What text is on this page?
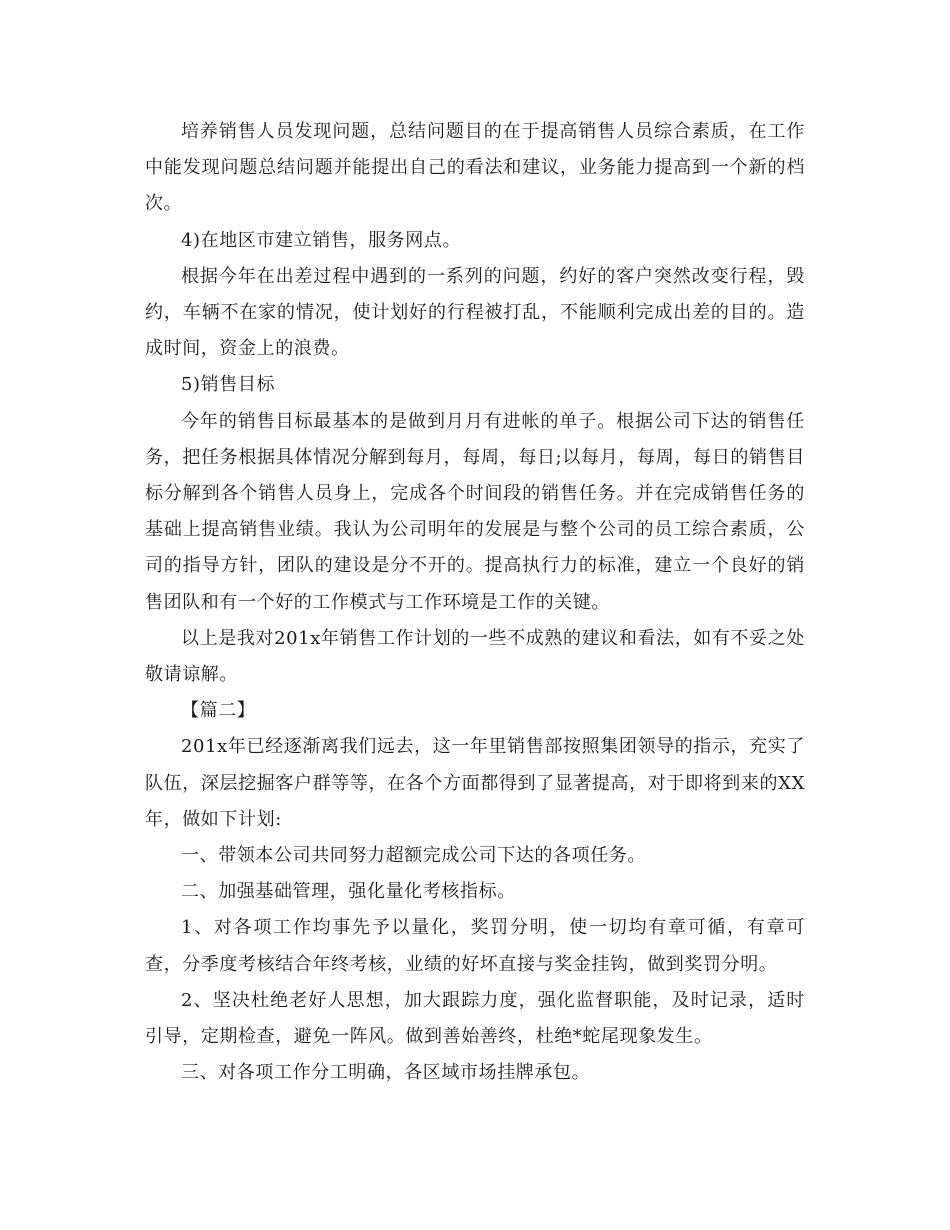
培养销售人员发现问题，总结问题目的在于提高销售人员综合素质，在工作中能发现问题总结问题并能提出自己的看法和建议，业务能力提高到一个新的档次。

4)在地区市建立销售，服务网点。

根据今年在出差过程中遇到的一系列的问题，约好的客户突然改变行程，毁约，车辆不在家的情况，使计划好的行程被打乱，不能顺利完成出差的目的。造成时间，资金上的浪费。

5)销售目标

今年的销售目标最基本的是做到月月有进帐的单子。根据公司下达的销售任务，把任务根据具体情况分解到每月，每周，每日;以每月，每周，每日的销售目标分解到各个销售人员身上，完成各个时间段的销售任务。并在完成销售任务的基础上提高销售业绩。我认为公司明年的发展是与整个公司的员工综合素质，公司的指导方针，团队的建设是分不开的。提高执行力的标准，建立一个良好的销售团队和有一个好的工作模式与工作环境是工作的关键。

以上是我对201x年销售工作计划的一些不成熟的建议和看法，如有不妥之处敬请谅解。

【篇二】

201x年已经逐渐离我们远去，这一年里销售部按照集团领导的指示，充实了队伍，深层挖掘客户群等等，在各个方面都得到了显著提高，对于即将到来的XX年，做如下计划:

一、带领本公司共同努力超额完成公司下达的各项任务。

二、加强基础管理，强化量化考核指标。

1、对各项工作均事先予以量化，奖罚分明，使一切均有章可循，有章可查，分季度考核结合年终考核，业绩的好坏直接与奖金挂钩，做到奖罚分明。

2、坚决杜绝老好人思想，加大跟踪力度，强化监督职能，及时记录，适时引导，定期检查，避免一阵风。做到善始善终，杜绝*蛇尾现象发生。

三、对各项工作分工明确，各区域市场挂牌承包。
